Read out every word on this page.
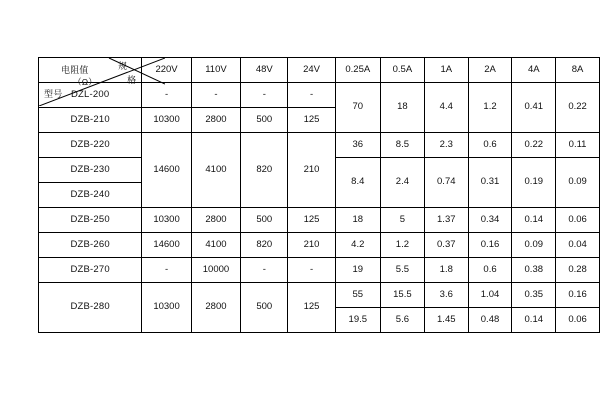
电阻值
（Ω）
规
格
型号	220V	110V	48V	24V	0.25A	0.5A	1A	2A	4A	8A
DZL-200	-	-	-	-	70	18	4.4	1.2	0.41	0.22
DZB-210	10300	2800	500	125						
DZB-220	14600	4100	820	210	36	8.5	2.3	0.6	0.22	0.11
DZB-230					8.4	2.4	0.74	0.31	0.19	0.09
DZB-240										
DZB-250	10300	2800	500	125	18	5	1.37	0.34	0.14	0.06
DZB-260	14600	4100	820	210	4.2	1.2	0.37	0.16	0.09	0.04
DZB-270	-	10000	-	-	19	5.5	1.8	0.6	0.38	0.28
DZB-280	10300	2800	500	125	55	15.5	3.6	1.04	0.35	0.16
					19.5	5.6	1.45	0.48	0.14	0.06
